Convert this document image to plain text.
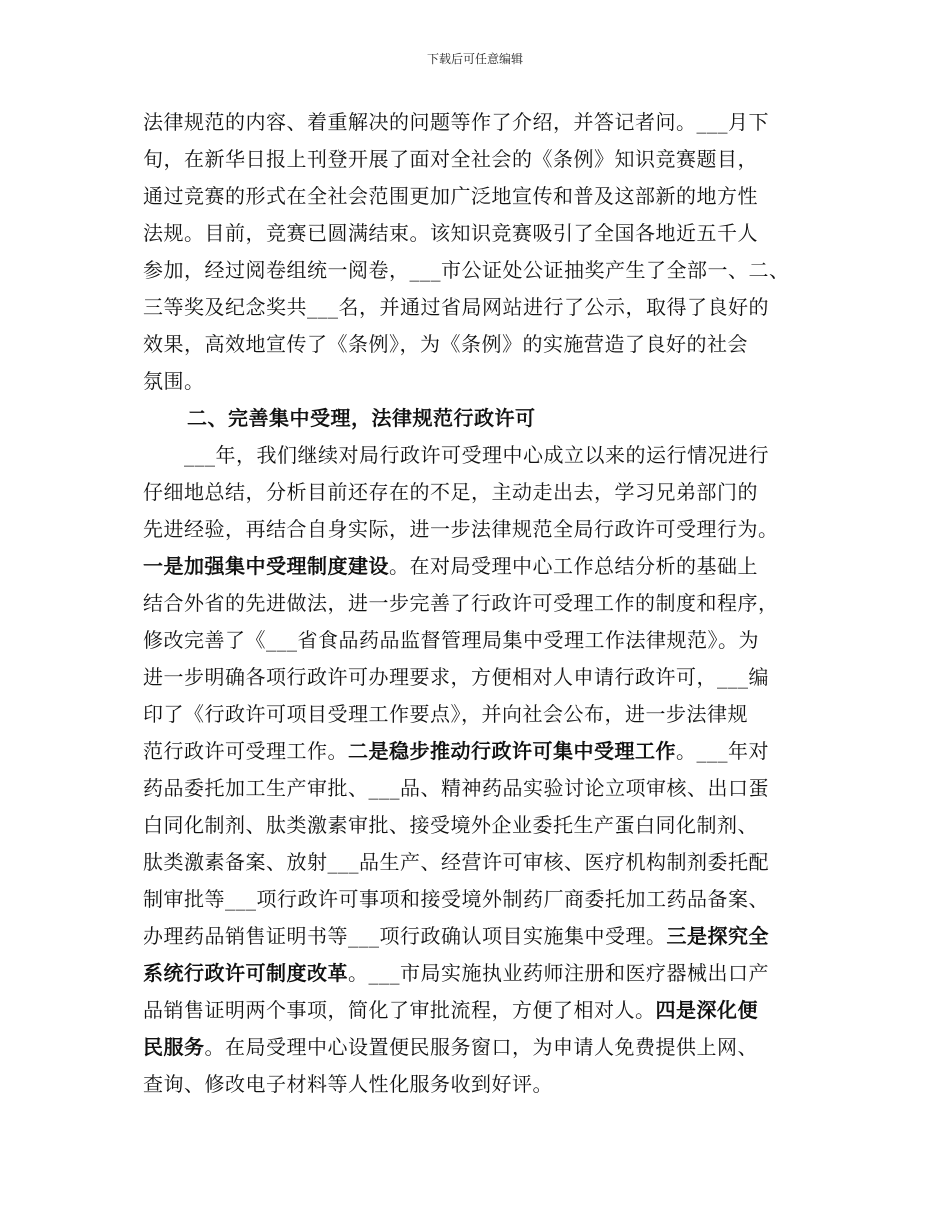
下载后可任意编辑
法律规范的内容、着重解决的问题等作了介绍，并答记者问。___月下
旬，在新华日报上刊登开展了面对全社会的《条例》知识竞赛题目，
通过竞赛的形式在全社会范围更加广泛地宣传和普及这部新的地方性
法规。目前，竞赛已圆满结束。该知识竞赛吸引了全国各地近五千人
参加，经过阅卷组统一阅卷，___市公证处公证抽奖产生了全部一、二、
三等奖及纪念奖共___名，并通过省局网站进行了公示，取得了良好的
效果，高效地宣传了《条例》，为《条例》的实施营造了良好的社会
氛围。
二、完善集中受理，法律规范行政许可
___年，我们继续对局行政许可受理中心成立以来的运行情况进行
仔细地总结，分析目前还存在的不足，主动走出去，学习兄弟部门的
先进经验，再结合自身实际，进一步法律规范全局行政许可受理行为。
一是加强集中受理制度建设。在对局受理中心工作总结分析的基础上
结合外省的先进做法，进一步完善了行政许可受理工作的制度和程序，
修改完善了《___省食品药品监督管理局集中受理工作法律规范》。为
进一步明确各项行政许可办理要求，方便相对人申请行政许可，___编
印了《行政许可项目受理工作要点》，并向社会公布，进一步法律规
范行政许可受理工作。二是稳步推动行政许可集中受理工作。___年对
药品委托加工生产审批、___品、精神药品实验讨论立项审核、出口蛋
白同化制剂、肽类激素审批、接受境外企业委托生产蛋白同化制剂、
肽类激素备案、放射___品生产、经营许可审核、医疗机构制剂委托配
制审批等___项行政许可事项和接受境外制药厂商委托加工药品备案、
办理药品销售证明书等___项行政确认项目实施集中受理。三是探究全
系统行政许可制度改革。___市局实施执业药师注册和医疗器械出口产
品销售证明两个事项，简化了审批流程，方便了相对人。四是深化便
民服务。在局受理中心设置便民服务窗口，为申请人免费提供上网、
查询、修改电子材料等人性化服务收到好评。
